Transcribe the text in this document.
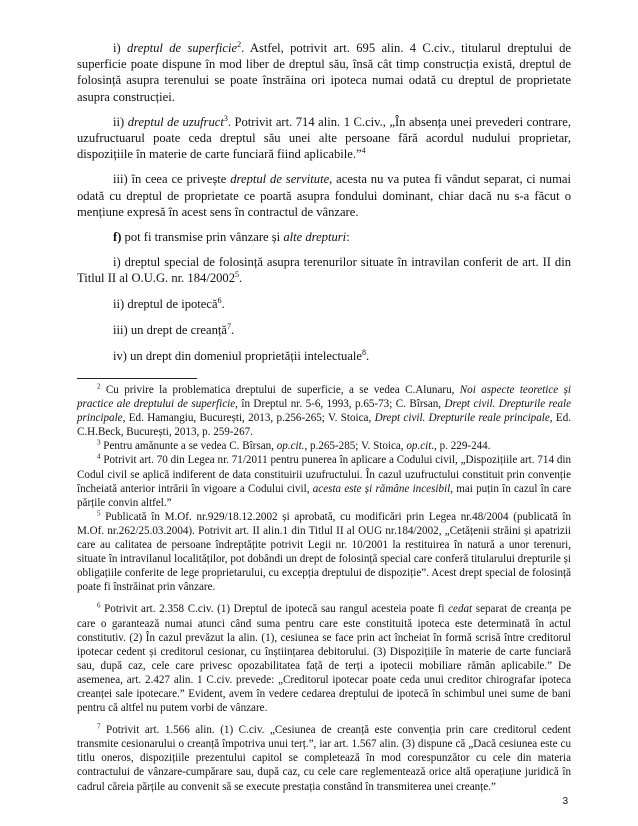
i) dreptul de superficie$^2$. Astfel, potrivit art. 695 alin. 4 C.civ., titularul dreptului de superficie poate dispune în mod liber de dreptul său, însă cât timp construcția există, dreptul de folosință asupra terenului se poate înstrăina ori ipoteca numai odată cu dreptul de proprietate asupra construcției.

ii) dreptul de uzufruct$^3$. Potrivit art. 714 alin. 1 C.civ., „În absența unei prevederi contrare, uzufructuarul poate ceda dreptul său unei alte persoane fără acordul nudului proprietar, dispozițiile în materie de carte funciară fiind aplicabile.”$^4$

iii) în ceea ce privește dreptul de servitute, acesta nu va putea fi vândut separat, ci numai odată cu dreptul de proprietate ce poartă asupra fondului dominant, chiar dacă nu s-a făcut o mențiune expresă în acest sens în contractul de vânzare.

f) pot fi transmise prin vânzare și alte drepturi:

i) dreptul special de folosință asupra terenurilor situate în intravilan conferit de art. II din Titlul II al O.U.G. nr. 184/2002$^5$.

ii) dreptul de ipotecă$^6$.

iii) un drept de creanță$^7$.

iv) un drept din domeniul proprietății intelectuale$^8$.

$^2$ Cu privire la problematica dreptului de superficie, a se vedea C.Alunaru, Noi aspecte teoretice și practice ale dreptului de superficie, în Dreptul nr. 5-6, 1993, p.65-73; C. Bîrsan, Drept civil. Drepturile reale principale, Ed. Hamangiu, București, 2013, p.256-265; V. Stoica, Drept civil. Drepturile reale principale, Ed. C.H.Beck, București, 2013, p. 259-267.

$^3$ Pentru amănunte a se vedea C. Bîrsan, op.cit., p.265-285; V. Stoica, op.cit., p. 229-244.

$^4$ Potrivit art. 70 din Legea nr. 71/2011 pentru punerea în aplicare a Codului civil, „Dispozițiile art. 714 din Codul civil se aplică indiferent de data constituirii uzufructului. În cazul uzufructului constituit prin convenție încheiată anterior intrării în vigoare a Codului civil, acesta este și rămâne incesibil, mai puțin în cazul în care părțile convin altfel.”

$^5$ Publicată în M.Of. nr.929/18.12.2002 și aprobată, cu modificări prin Legea nr.48/2004 (publicată în M.Of. nr.262/25.03.2004). Potrivit art. II alin.1 din Titlul II al OUG nr.184/2002, „Cetățenii străini și apatrizii care au calitatea de persoane îndreptățite potrivit Legii nr. 10/2001 la restituirea în natură a unor terenuri, situate în intravilanul localităților, pot dobândi un drept de folosință special care conferă titularului drepturile și obligațiile conferite de lege proprietarului, cu excepția dreptului de dispoziție”. Acest drept special de folosință poate fi înstrăinat prin vânzare.

$^6$ Potrivit art. 2.358 C.civ. (1) Dreptul de ipotecă sau rangul acesteia poate fi cedat separat de creanța pe care o garantează numai atunci când suma pentru care este constituită ipoteca este determinată în actul constitutiv. (2) În cazul prevăzut la alin. (1), cesiunea se face prin act încheiat în formă scrisă între creditorul ipotecar cedent și creditorul cesionar, cu înștiințarea debitorului. (3) Dispozițiile în materie de carte funciară sau, după caz, cele care privesc opozabilitatea față de terți a ipotecii mobiliare rămân aplicabile.” De asemenea, art. 2.427 alin. 1 C.civ. prevede: „Creditorul ipotecar poate ceda unui creditor chirografar ipoteca creanței sale ipotecare.” Evident, avem în vedere cedarea dreptului de ipotecă în schimbul unei sume de bani pentru că altfel nu putem vorbi de vânzare.

$^7$ Potrivit art. 1.566 alin. (1) C.civ. „Cesiunea de creanță este convenția prin care creditorul cedent transmite cesionarului o creanță împotriva unui terț.”, iar art. 1.567 alin. (3) dispune că „Dacă cesiunea este cu titlu oneros, dispozițiile prezentului capitol se completează în mod corespunzător cu cele din materia contractului de vânzare-cumpărare sau, după caz, cu cele care reglementează orice altă operațiune juridică în cadrul căreia părțile au convenit să se execute prestația constând în transmiterea unei creanțe.”

3
